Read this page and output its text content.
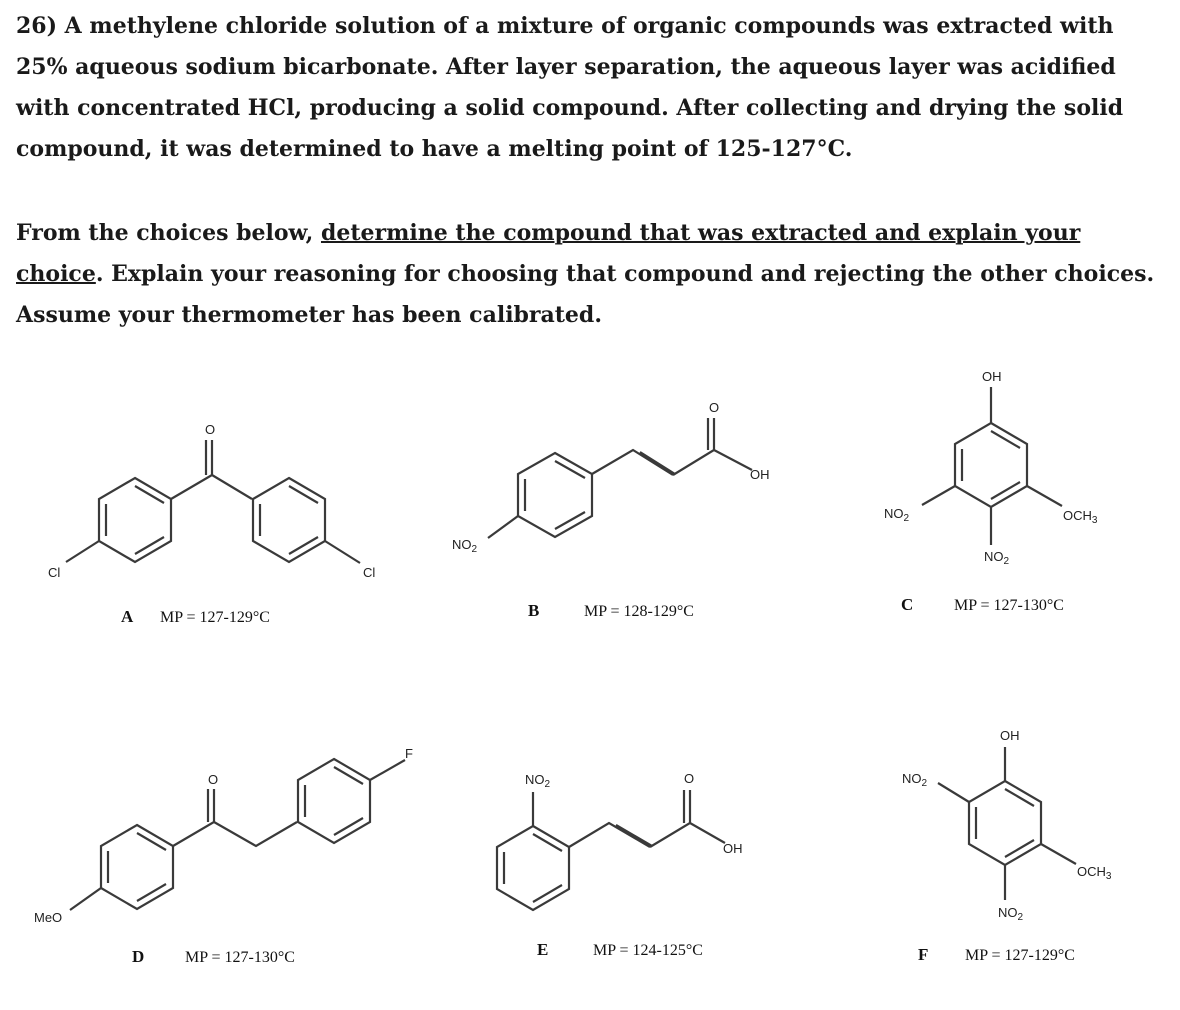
26) A methylene chloride solution of a mixture of organic compounds was extracted with 25% aqueous sodium bicarbonate. After layer separation, the aqueous layer was acidified with concentrated HCl, producing a solid compound. After collecting and drying the solid compound, it was determined to have a melting point of 125-127°C.

From the choices below, determine the compound that was extracted and explain your choice. Explain your reasoning for choosing that compound and rejecting the other choices. Assume your thermometer has been calibrated.

Cl	Cl
O
A MP = 127-129°C
O
OH
$NO_2$
B	MP = 128-129°C
OH
$NO_2$	$OCH_3$
$NO_2$
C	MP = 127-130°C
O
F
MeO
D	MP = 127-130°C
$NO_2$	O
OH
E	MP = 124-125°C
OH
$NO_2$
$OCH_3$
$NO_2$
F MP = 127-129°C
